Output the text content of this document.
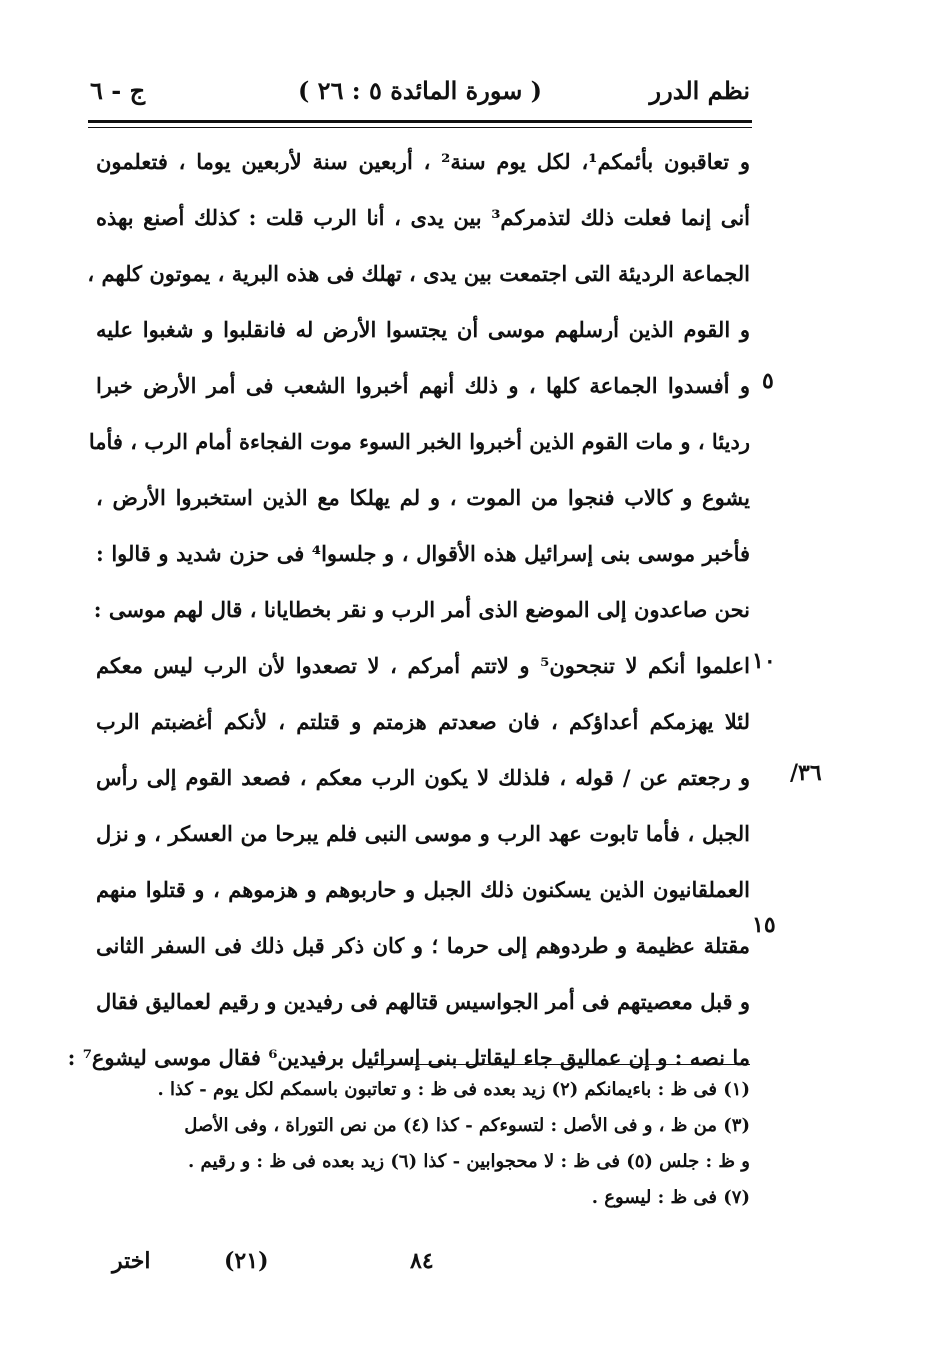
نظم الدرر
( سورة المائدة ٥ : ٢٦ )
ج - ٦
و تعاقبون بأئمكم¹، لكل يوم سنة² ، أربعين سنة لأربعين يوما ، فتعلمون
أنى إنما فعلت ذلك لتذمركم³ بين يدى ، أنا الرب قلت : كذلك أصنع بهذه
الجماعة الرديئة التى اجتمعت بين يدى ، تهلك فى هذه البرية ، يموتون كلهم ،
و القوم الذين أرسلهم موسى أن يجتسوا الأرض له فانقلبوا و شغبوا عليه
و أفسدوا الجماعة كلها ، و ذلك أنهم أخبروا الشعب فى أمر الأرض خبرا
رديئا ، و مات القوم الذين أخبروا الخبر السوء موت الفجاءة أمام الرب ، فأما
يشوع و كالاب فنجوا من الموت ، و لم يهلكا مع الذين استخبروا الأرض ،
فأخبر موسى بنى إسرائيل هذه الأقوال ، و جلسوا⁴ فى حزن شديد و قالوا :
نحن صاعدون إلى الموضع الذى أمر الرب و نقر بخطايانا ، قال لهم موسى :
اعلموا أنكم لا تنجحون⁵ و لاتتم أمركم ، لا تصعدوا لأن الرب ليس معكم
لئلا يهزمكم أعداؤكم ، فان صعدتم هزمتم و قتلتم ، لأنكم أغضبتم الرب
و رجعتم عن / قوله ، فلذلك لا يكون الرب معكم ، فصعد القوم إلى رأس
الجبل ، فأما تابوت عهد الرب و موسى النبى فلم يبرحا من العسكر ، و نزل
العملقانيون الذين يسكنون ذلك الجبل و حاربوهم و هزموهم ، و قتلوا منهم
مقتلة عظيمة و طردوهم إلى حرما ؛ و كان ذكر قبل ذلك فى السفر الثانى
و قبل معصيتهم فى أمر الجواسيس قتالهم فى رفيدين و رقيم لعماليق فقال
ما نصه : و إن عماليق جاء ليقاتل بنى إسرائيل برفيدين⁶ فقال موسى ليشوع⁷ :
٥
١٠
٣٦/
١٥
(١) فى ظ : باءيمانكم (٢) زيد بعده فى ظ : و تعاتبون باسمكم لكل يوم - كذا .
(٣) من ظ ، و فى الأصل : لتسوءكم - كذا (٤) من نص التوراة ، وفى الأصل
و ظ : جلس (٥) فى ظ : لا محجوابين - كذا (٦) زيد بعده فى ظ : و رقيم .
(٧) فى ظ : ليسوع .
اختر	(٢١)	٨٤
